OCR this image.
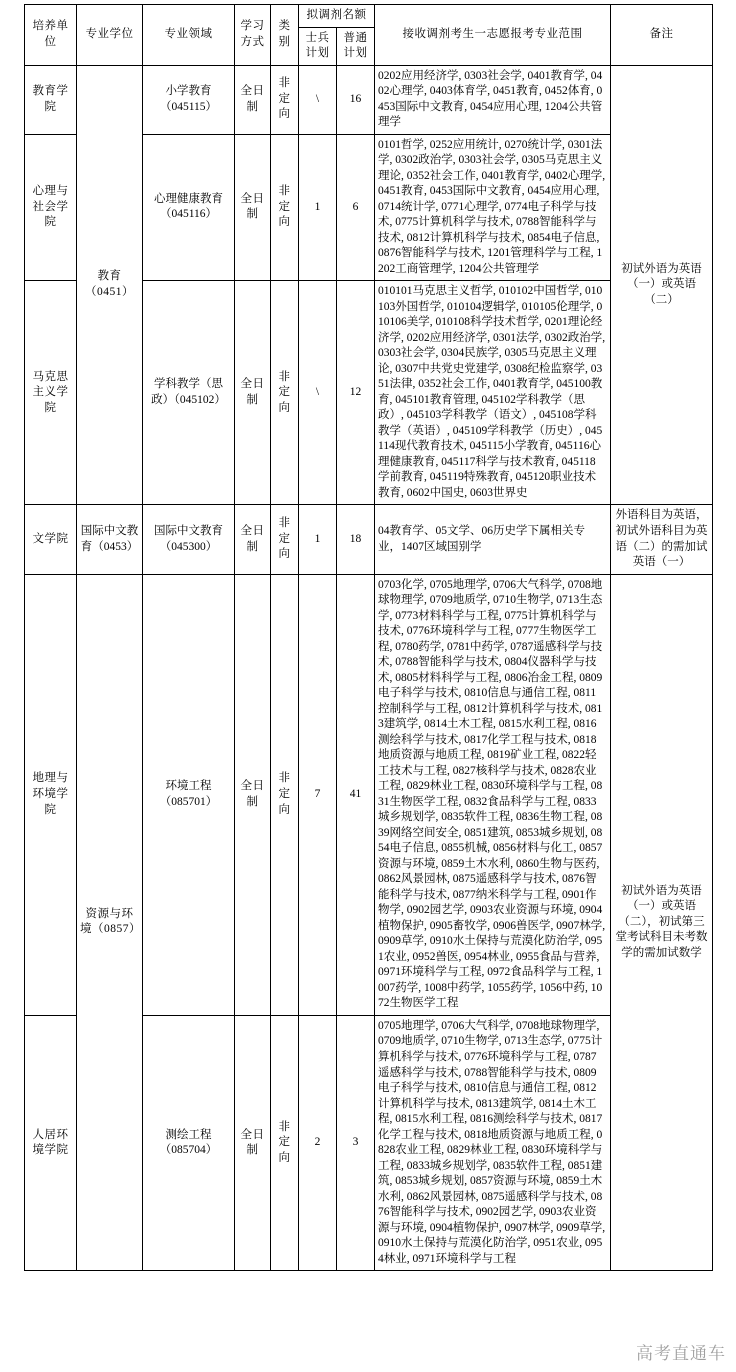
培养单位	专业学位	专业领域	学习方式	类别	拟调剂名额		接收调剂考生一志愿报考专业范围	备注
					士兵计划	普通计划		
教育学院	教育（0451）	小学教育（045115）	全日制	非定向	\	16	0202应用经济学, 0303社会学, 0401教育学, 0402心理学, 0403体育学, 0451教育, 0452体育, 0453国际中文教育, 0454应用心理, 1204公共管理学	初试外语为英语（一）或英语（二）
心理与社会学院		心理健康教育（045116）	全日制	非定向	1	6	0101哲学, 0252应用统计, 0270统计学, 0301法学, 0302政治学, 0303社会学, 0305马克思主义理论, 0352社会工作, 0401教育学, 0402心理学, 0451教育, 0453国际中文教育, 0454应用心理, 0714统计学, 0771心理学, 0774电子科学与技术, 0775计算机科学与技术, 0788智能科学与技术, 0812计算机科学与技术, 0854电子信息, 0876智能科学与技术, 1201管理科学与工程, 1202工商管理学, 1204公共管理学	
马克思主义学院		学科教学（思政）（045102）	全日制	非定向	\	12	010101马克思主义哲学, 010102中国哲学, 010103外国哲学, 010104逻辑学, 010105伦理学, 010106美学, 010108科学技术哲学, 0201理论经济学, 0202应用经济学, 0301法学, 0302政治学, 0303社会学, 0304民族学, 0305马克思主义理论, 0307中共党史党建学, 0308纪检监察学, 0351法律, 0352社会工作, 0401教育学, 045100教育, 045101教育管理, 045102学科教学（思政）, 045103学科教学（语文）, 045108学科教学（英语）, 045109学科教学（历史）, 045114现代教育技术, 045115小学教育, 045116心理健康教育, 045117科学与技术教育, 045118学前教育, 045119特殊教育, 045120职业技术教育, 0602中国史, 0603世界史	
文学院	国际中文教育（0453）	国际中文教育（045300）	全日制	非定向	1	18	04教育学、05文学、06历史学下属相关专业，1407区域国别学	外语科目为英语，初试外语科目为英语（二）的需加试英语（一）
地理与环境学院	资源与环境（0857）	环境工程（085701）	全日制	非定向	7	41	0703化学, 0705地理学, 0706大气科学, 0708地球物理学, 0709地质学, 0710生物学, 0713生态学, 0773材料科学与工程, 0775计算机科学与技术, 0776环境科学与工程, 0777生物医学工程, 0780药学, 0781中药学, 0787遥感科学与技术, 0788智能科学与技术, 0804仪器科学与技术, 0805材料科学与工程, 0806冶金工程, 0809电子科学与技术, 0810信息与通信工程, 0811控制科学与工程, 0812计算机科学与技术, 0813建筑学, 0814土木工程, 0815水利工程, 0816测绘科学与技术, 0817化学工程与技术, 0818地质资源与地质工程, 0819矿业工程, 0822轻工技术与工程, 0827核科学与技术, 0828农业工程, 0829林业工程, 0830环境科学与工程, 0831生物医学工程, 0832食品科学与工程, 0833城乡规划学, 0835软件工程, 0836生物工程, 0839网络空间安全, 0851建筑, 0853城乡规划, 0854电子信息, 0855机械, 0856材料与化工, 0857资源与环境, 0859土木水利, 0860生物与医药, 0862风景园林, 0875遥感科学与技术, 0876智能科学与技术, 0877纳米科学与工程, 0901作物学, 0902园艺学, 0903农业资源与环境, 0904植物保护, 0905畜牧学, 0906兽医学, 0907林学, 0909草学, 0910水土保持与荒漠化防治学, 0951农业, 0952兽医, 0954林业, 0955食品与营养, 0971环境科学与工程, 0972食品科学与工程, 1007药学, 1008中药学, 1055药学, 1056中药, 1072生物医学工程	初试外语为英语（一）或英语（二），初试第三堂考试科目未考数学的需加试数学
人居环境学院		测绘工程（085704）	全日制	非定向	2	3	0705地理学, 0706大气科学, 0708地球物理学, 0709地质学, 0710生物学, 0713生态学, 0775计算机科学与技术, 0776环境科学与工程, 0787遥感科学与技术, 0788智能科学与技术, 0809电子科学与技术, 0810信息与通信工程, 0812计算机科学与技术, 0813建筑学, 0814土木工程, 0815水利工程, 0816测绘科学与技术, 0817化学工程与技术, 0818地质资源与地质工程, 0828农业工程, 0829林业工程, 0830环境科学与工程, 0833城乡规划学, 0835软件工程, 0851建筑, 0853城乡规划, 0857资源与环境, 0859土木水利, 0862风景园林, 0875遥感科学与技术, 0876智能科学与技术, 0902园艺学, 0903农业资源与环境, 0904植物保护, 0907林学, 0909草学, 0910水土保持与荒漠化防治学, 0951农业, 0954林业, 0971环境科学与工程	
高考直通车
